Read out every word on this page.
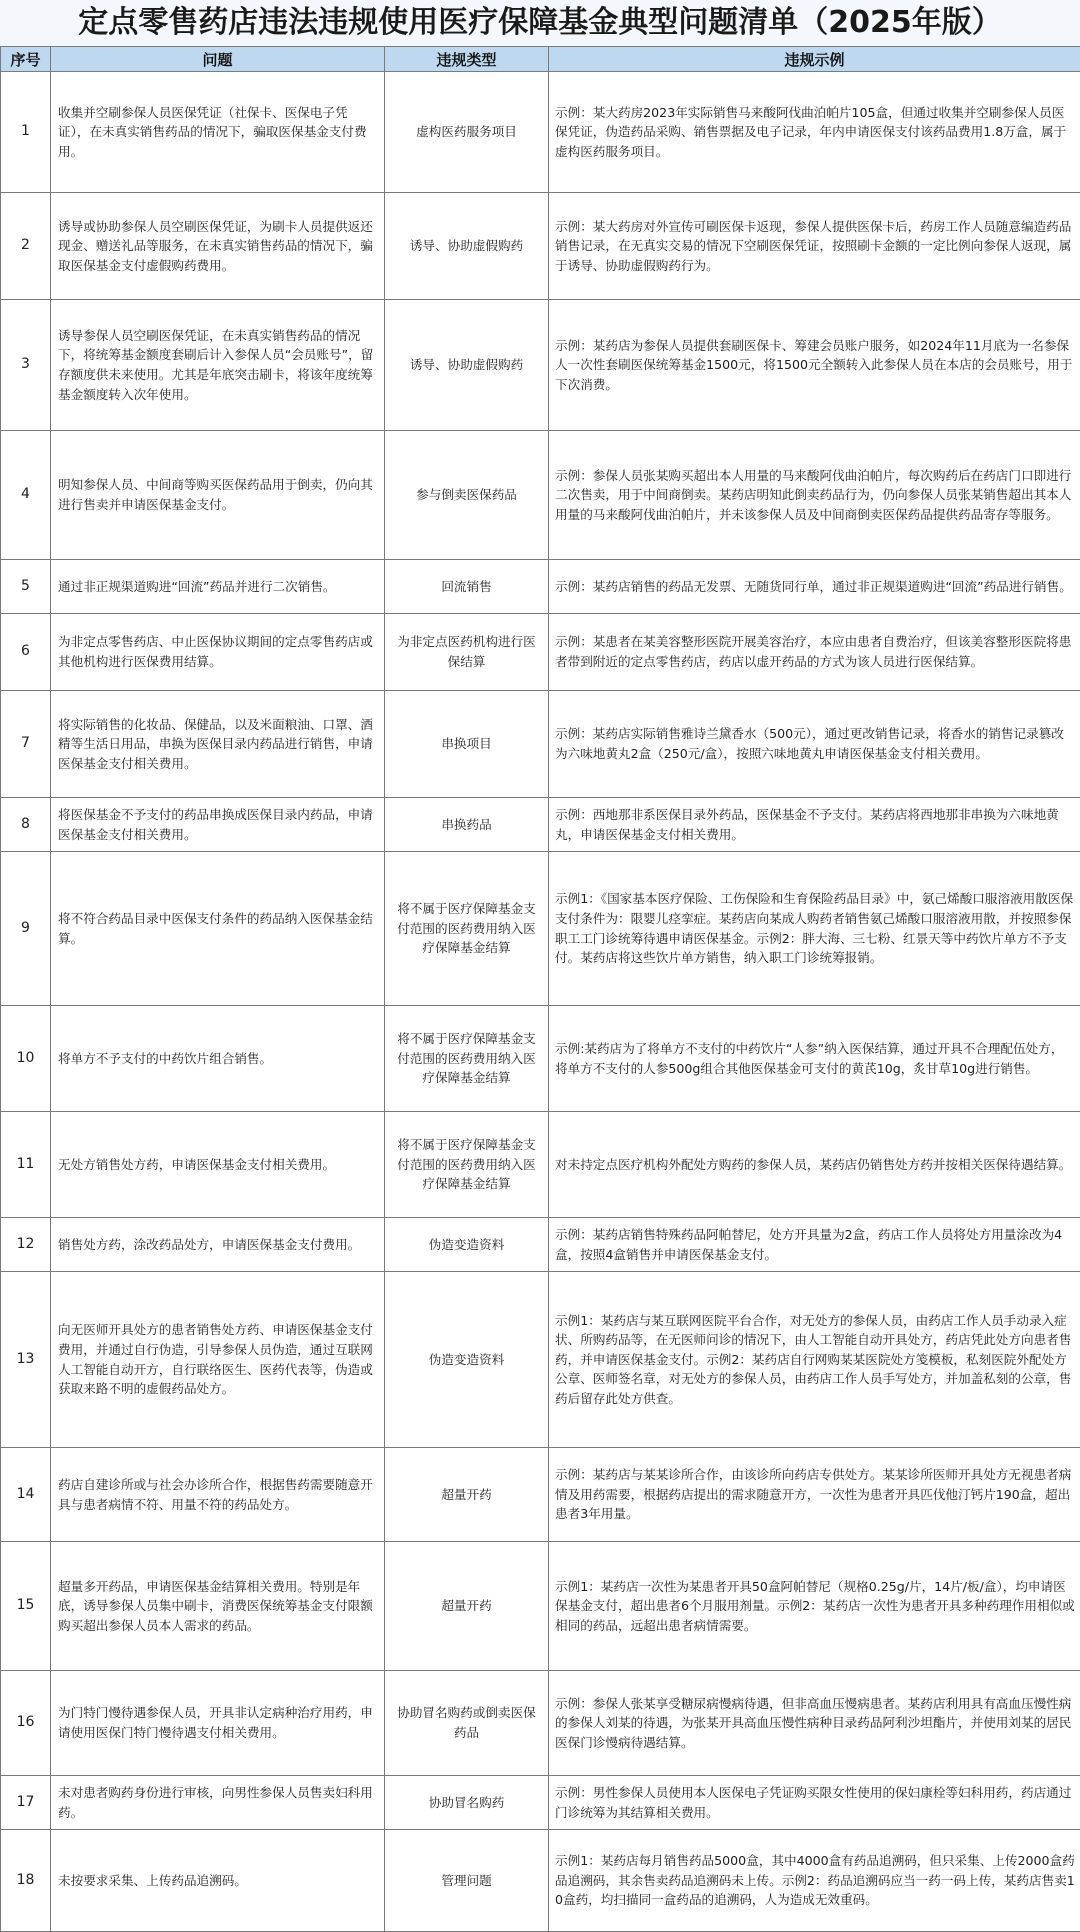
定点零售药店违法违规使用医疗保障基金典型问题清单（2025年版）
序号	问题	违规类型	违规示例
1	收集并空刷参保人员医保凭证（社保卡、医保电子凭证），在未真实销售药品的情况下，骗取医保基金支付费用。	虚构医药服务项目	示例：某大药房2023年实际销售马来酸阿伐曲泊帕片105盒，但通过收集并空刷参保人员医保凭证，伪造药品采购、销售票据及电子记录，年内申请医保支付该药品费用1.8万盒，属于虚构医药服务项目。
2	诱导或协助参保人员空刷医保凭证，为刷卡人员提供返还现金、赠送礼品等服务，在未真实销售药品的情况下，骗取医保基金支付虚假购药费用。	诱导、协助虚假购药	示例：某大药房对外宣传可刷医保卡返现，参保人提供医保卡后，药房工作人员随意编造药品销售记录，在无真实交易的情况下空刷医保凭证，按照刷卡金额的一定比例向参保人返现，属于诱导、协助虚假购药行为。
3	诱导参保人员空刷医保凭证，在未真实销售药品的情况下，将统筹基金额度套刷后计入参保人员“会员账号”，留存额度供未来使用。尤其是年底突击刷卡，将该年度统筹基金额度转入次年使用。	诱导、协助虚假购药	示例：某药店为参保人员提供套刷医保卡、筹建会员账户服务，如2024年11月底为一名参保人一次性套刷医保统筹基金1500元，将1500元全额转入此参保人员在本店的会员账号，用于下次消费。
4	明知参保人员、中间商等购买医保药品用于倒卖，仍向其进行售卖并申请医保基金支付。	参与倒卖医保药品	示例：参保人员张某购买超出本人用量的马来酸阿伐曲泊帕片，每次购药后在药店门口即进行二次售卖，用于中间商倒卖。某药店明知此倒卖药品行为，仍向参保人员张某销售超出其本人用量的马来酸阿伐曲泊帕片，并未该参保人员及中间商倒卖医保药品提供药品寄存等服务。
5	通过非正规渠道购进“回流”药品并进行二次销售。	回流销售	示例：某药店销售的药品无发票、无随货同行单，通过非正规渠道购进“回流”药品进行销售。
6	为非定点零售药店、中止医保协议期间的定点零售药店或其他机构进行医保费用结算。	为非定点医药机构进行医保结算	示例：某患者在某美容整形医院开展美容治疗，本应由患者自费治疗，但该美容整形医院将患者带到附近的定点零售药店，药店以虚开药品的方式为该人员进行医保结算。
7	将实际销售的化妆品、保健品，以及米面粮油、口罩、酒精等生活日用品，串换为医保目录内药品进行销售，申请医保基金支付相关费用。	串换项目	示例：某药店实际销售雅诗兰黛香水（500元），通过更改销售记录，将香水的销售记录篡改为六味地黄丸2盒（250元/盒），按照六味地黄丸申请医保基金支付相关费用。
8	将医保基金不予支付的药品串换成医保目录内药品，申请医保基金支付相关费用。	串换药品	示例：西地那非系医保目录外药品，医保基金不予支付。某药店将西地那非串换为六味地黄丸，申请医保基金支付相关费用。
9	将不符合药品目录中医保支付条件的药品纳入医保基金结算。	将不属于医疗保障基金支付范围的医药费用纳入医疗保障基金结算	示例1：《国家基本医疗保险、工伤保险和生育保险药品目录》中，氨己烯酸口服溶液用散医保支付条件为：限婴儿痉挛症。某药店向某成人购药者销售氨己烯酸口服溶液用散，并按照参保职工工门诊统筹待遇申请医保基金。示例2：胖大海、三七粉、红景天等中药饮片单方不予支付。某药店将这些饮片单方销售，纳入职工门诊统筹报销。
10	将单方不予支付的中药饮片组合销售。	将不属于医疗保障基金支付范围的医药费用纳入医疗保障基金结算	示例:某药店为了将单方不支付的中药饮片“人参”纳入医保结算，通过开具不合理配伍处方，将单方不支付的人参500g组合其他医保基金可支付的黄芪10g，炙甘草10g进行销售。
11	无处方销售处方药，申请医保基金支付相关费用。	将不属于医疗保障基金支付范围的医药费用纳入医疗保障基金结算	对未持定点医疗机构外配处方购药的参保人员，某药店仍销售处方药并按相关医保待遇结算。
12	销售处方药，涂改药品处方，申请医保基金支付费用。	伪造变造资料	示例：某药店销售特殊药品阿帕替尼，处方开具量为2盒，药店工作人员将处方用量涂改为4盒，按照4盒销售并申请医保基金支付。
13	向无医师开具处方的患者销售处方药、申请医保基金支付费用，并通过自行伪造，引导参保人员伪造，通过互联网人工智能自动开方，自行联络医生、医药代表等，伪造或获取来路不明的虚假药品处方。	伪造变造资料	示例1：某药店与某互联网医院平台合作，对无处方的参保人员，由药店工作人员手动录入症状、所购药品等，在无医师问诊的情况下，由人工智能自动开具处方，药店凭此处方向患者售药，并申请医保基金支付。示例2：某药店自行网购某某医院处方笺模板，私刻医院外配处方公章、医师签名章，对无处方的参保人员，由药店工作人员手写处方，并加盖私刻的公章，售药后留存此处方供查。
14	药店自建诊所或与社会办诊所合作，根据售药需要随意开具与患者病情不符、用量不符的药品处方。	超量开药	示例：某药店与某某诊所合作，由该诊所向药店专供处方。某某诊所医师开具处方无视患者病情及用药需要，根据药店提出的需求随意开方，一次性为患者开具匹伐他汀钙片190盒，超出患者3年用量。
15	超量多开药品，申请医保基金结算相关费用。特别是年底，诱导参保人员集中刷卡，消费医保统筹基金支付限额购买超出参保人员本人需求的药品。	超量开药	示例1：某药店一次性为某患者开具50盒阿帕替尼（规格0.25g/片，14片/板/盒），均申请医保基金支付，超出患者6个月服用剂量。示例2：某药店一次性为患者开具多种药理作用相似或相同的药品，远超出患者病情需要。
16	为门特门慢待遇参保人员，开具非认定病种治疗用药，申请使用医保门特门慢待遇支付相关费用。	协助冒名购药或倒卖医保药品	示例：参保人张某享受糖尿病慢病待遇，但非高血压慢病患者。某药店利用具有高血压慢性病的参保人刘某的待遇，为张某开具高血压慢性病种目录药品阿利沙坦酯片，并使用刘某的居民医保门诊慢病待遇结算。
17	未对患者购药身份进行审核，向男性参保人员售卖妇科用药。	协助冒名购药	示例：男性参保人员使用本人医保电子凭证购买限女性使用的保妇康栓等妇科用药，药店通过门诊统筹为其结算相关费用。
18	未按要求采集、上传药品追溯码。	管理问题	示例1：某药店每月销售药品5000盒，其中4000盒有药品追溯码，但只采集、上传2000盒药品追溯码，其余售卖药品追溯码未上传。示例2：药品追溯码应当一药一码上传，某药店售卖10盒药，均扫描同一盒药品的追溯码，人为造成无效重码。
